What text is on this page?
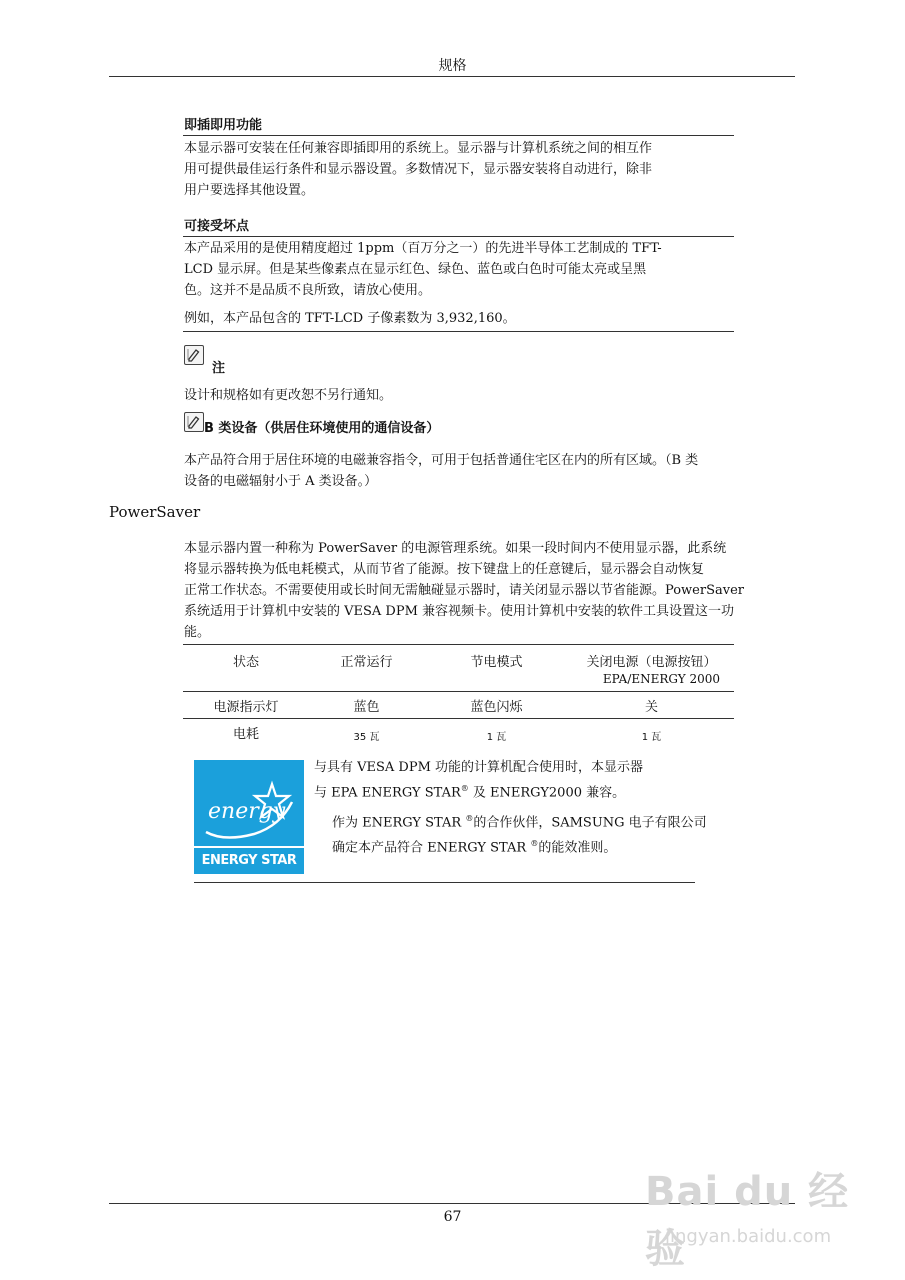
规格
即插即用功能
本显示器可安装在任何兼容即插即用的系统上。显示器与计算机系统之间的相互作
用可提供最佳运行条件和显示器设置。多数情况下，显示器安装将自动进行，除非
用户要选择其他设置。
可接受坏点
本产品采用的是使用精度超过 1ppm（百万分之一）的先进半导体工艺制成的 TFT-
LCD 显示屏。但是某些像素点在显示红色、绿色、蓝色或白色时可能太亮或呈黑
色。这并不是品质不良所致，请放心使用。
例如，本产品包含的 TFT-LCD 子像素数为 3,932,160。
注
设计和规格如有更改恕不另行通知。
B 类设备（供居住环境使用的通信设备）
本产品符合用于居住环境的电磁兼容指令，可用于包括普通住宅区在内的所有区域。（B 类
设备的电磁辐射小于 A 类设备。）
PowerSaver
本显示器内置一种称为 PowerSaver 的电源管理系统。如果一段时间内不使用显示器，此系统
将显示器转换为低电耗模式，从而节省了能源。按下键盘上的任意键后，显示器会自动恢复
正常工作状态。不需要使用或长时间无需触碰显示器时，请关闭显示器以节省能源。PowerSaver
系统适用于计算机中安装的 VESA DPM 兼容视频卡。使用计算机中安装的软件工具设置这一功
能。
状态	正常运行	节电模式	关闭电源（电源按钮）
EPA/ENERGY 2000

电源指示灯	蓝色	蓝色闪烁	关
电耗	35 瓦	1 瓦	1 瓦
energy
ENERGY STAR
与具有 VESA DPM 功能的计算机配合使用时，本显示器
与 EPA ENERGY STAR® 及 ENERGY2000 兼容。
作为 ENERGY STAR ®的合作伙伴，SAMSUNG 电子有限公司
确定本产品符合 ENERGY STAR ®的能效准则。
67
Bai du 经验
jingyan.baidu.com
